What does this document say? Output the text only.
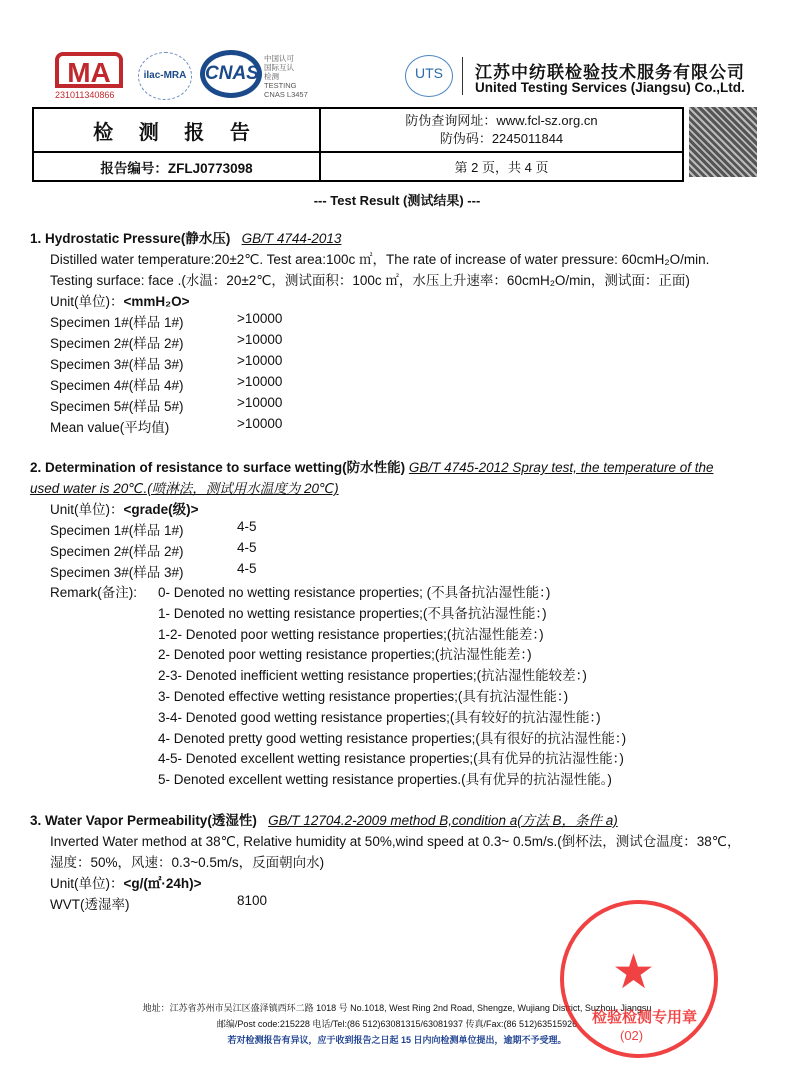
MA
231011340866
ilac-MRA CNAS
中国认可
国际互认
检测
TESTING
CNAS L3457
UTS	江苏中纺联检验技术服务有限公司
United Testing Services (Jiangsu) Co.,Ltd.
检 测 报 告	防伪查询网址：www.fcl-sz.org.cn
防伪码：2245011844

报告编号：ZFLJ0773098	第 2 页，共 4 页
--- Test Result (测试结果) ---
1. Hydrostatic Pressure(静水压) GB/T 4744-2013
Distilled water temperature:20±2℃. Test area:100c ㎡，The rate of increase of water pressure: 60cmH₂O/min.
Testing surface: face .(水温：20±2℃，测试面积：100c ㎡，水压上升速率：60cmH₂O/min，测试面：正面)
Unit(单位)：<mmH₂O>
Specimen 1#(样品 1#)	>10000
Specimen 2#(样品 2#)	>10000
Specimen 3#(样品 3#)	>10000
Specimen 4#(样品 4#)	>10000
Specimen 5#(样品 5#)	>10000
Mean value(平均值)	>10000
2. Determination of resistance to surface wetting(防水性能) GB/T 4745-2012 Spray test, the temperature of the
used water is 20℃.(喷淋法，测试用水温度为 20℃)
Unit(单位)：<grade(级)>
Specimen 1#(样品 1#)	4-5
Specimen 2#(样品 2#)	4-5
Specimen 3#(样品 3#)	4-5
Remark(备注): 0- Denoted no wetting resistance properties; (不具备抗沾湿性能：)
1- Denoted no wetting resistance properties;(不具备抗沾湿性能：)
1-2- Denoted poor wetting resistance properties;(抗沾湿性能差：)
2- Denoted poor wetting resistance properties;(抗沾湿性能差：)
2-3- Denoted inefficient wetting resistance properties;(抗沾湿性能较差：)
3- Denoted effective wetting resistance properties;(具有抗沾湿性能：)
3-4- Denoted good wetting resistance properties;(具有较好的抗沾湿性能：)
4- Denoted pretty good wetting resistance properties;(具有很好的抗沾湿性能：)
4-5- Denoted excellent wetting resistance properties;(具有优异的抗沾湿性能：)
5- Denoted excellent wetting resistance properties.(具有优异的抗沾湿性能。)
3. Water Vapor Permeability(透湿性) GB/T 12704.2-2009 method B,condition a(方法 B，条件 a)
Inverted Water method at 38℃, Relative humidity at 50%,wind speed at 0.3~ 0.5m/s.(倒杯法，测试仓温度：38℃，
湿度：50%，风速：0.3~0.5m/s，反面朝向水)
Unit(单位)：<g/(㎡·24h)>
WVT(透湿率)	8100
地址：江苏省苏州市吴江区盛泽镇西环二路 1018 号 No.1018, West Ring 2nd Road, Shengze, Wujiang District, Suzhou, Jiangsu
邮编/Post code:215228 电话/Tel:(86 512)63081315/63081937 传真/Fax:(86 512)63515926
若对检测报告有异议，应于收到报告之日起 15 日内向检测单位提出，逾期不予受理。
★
检验检测专用章
(02)
